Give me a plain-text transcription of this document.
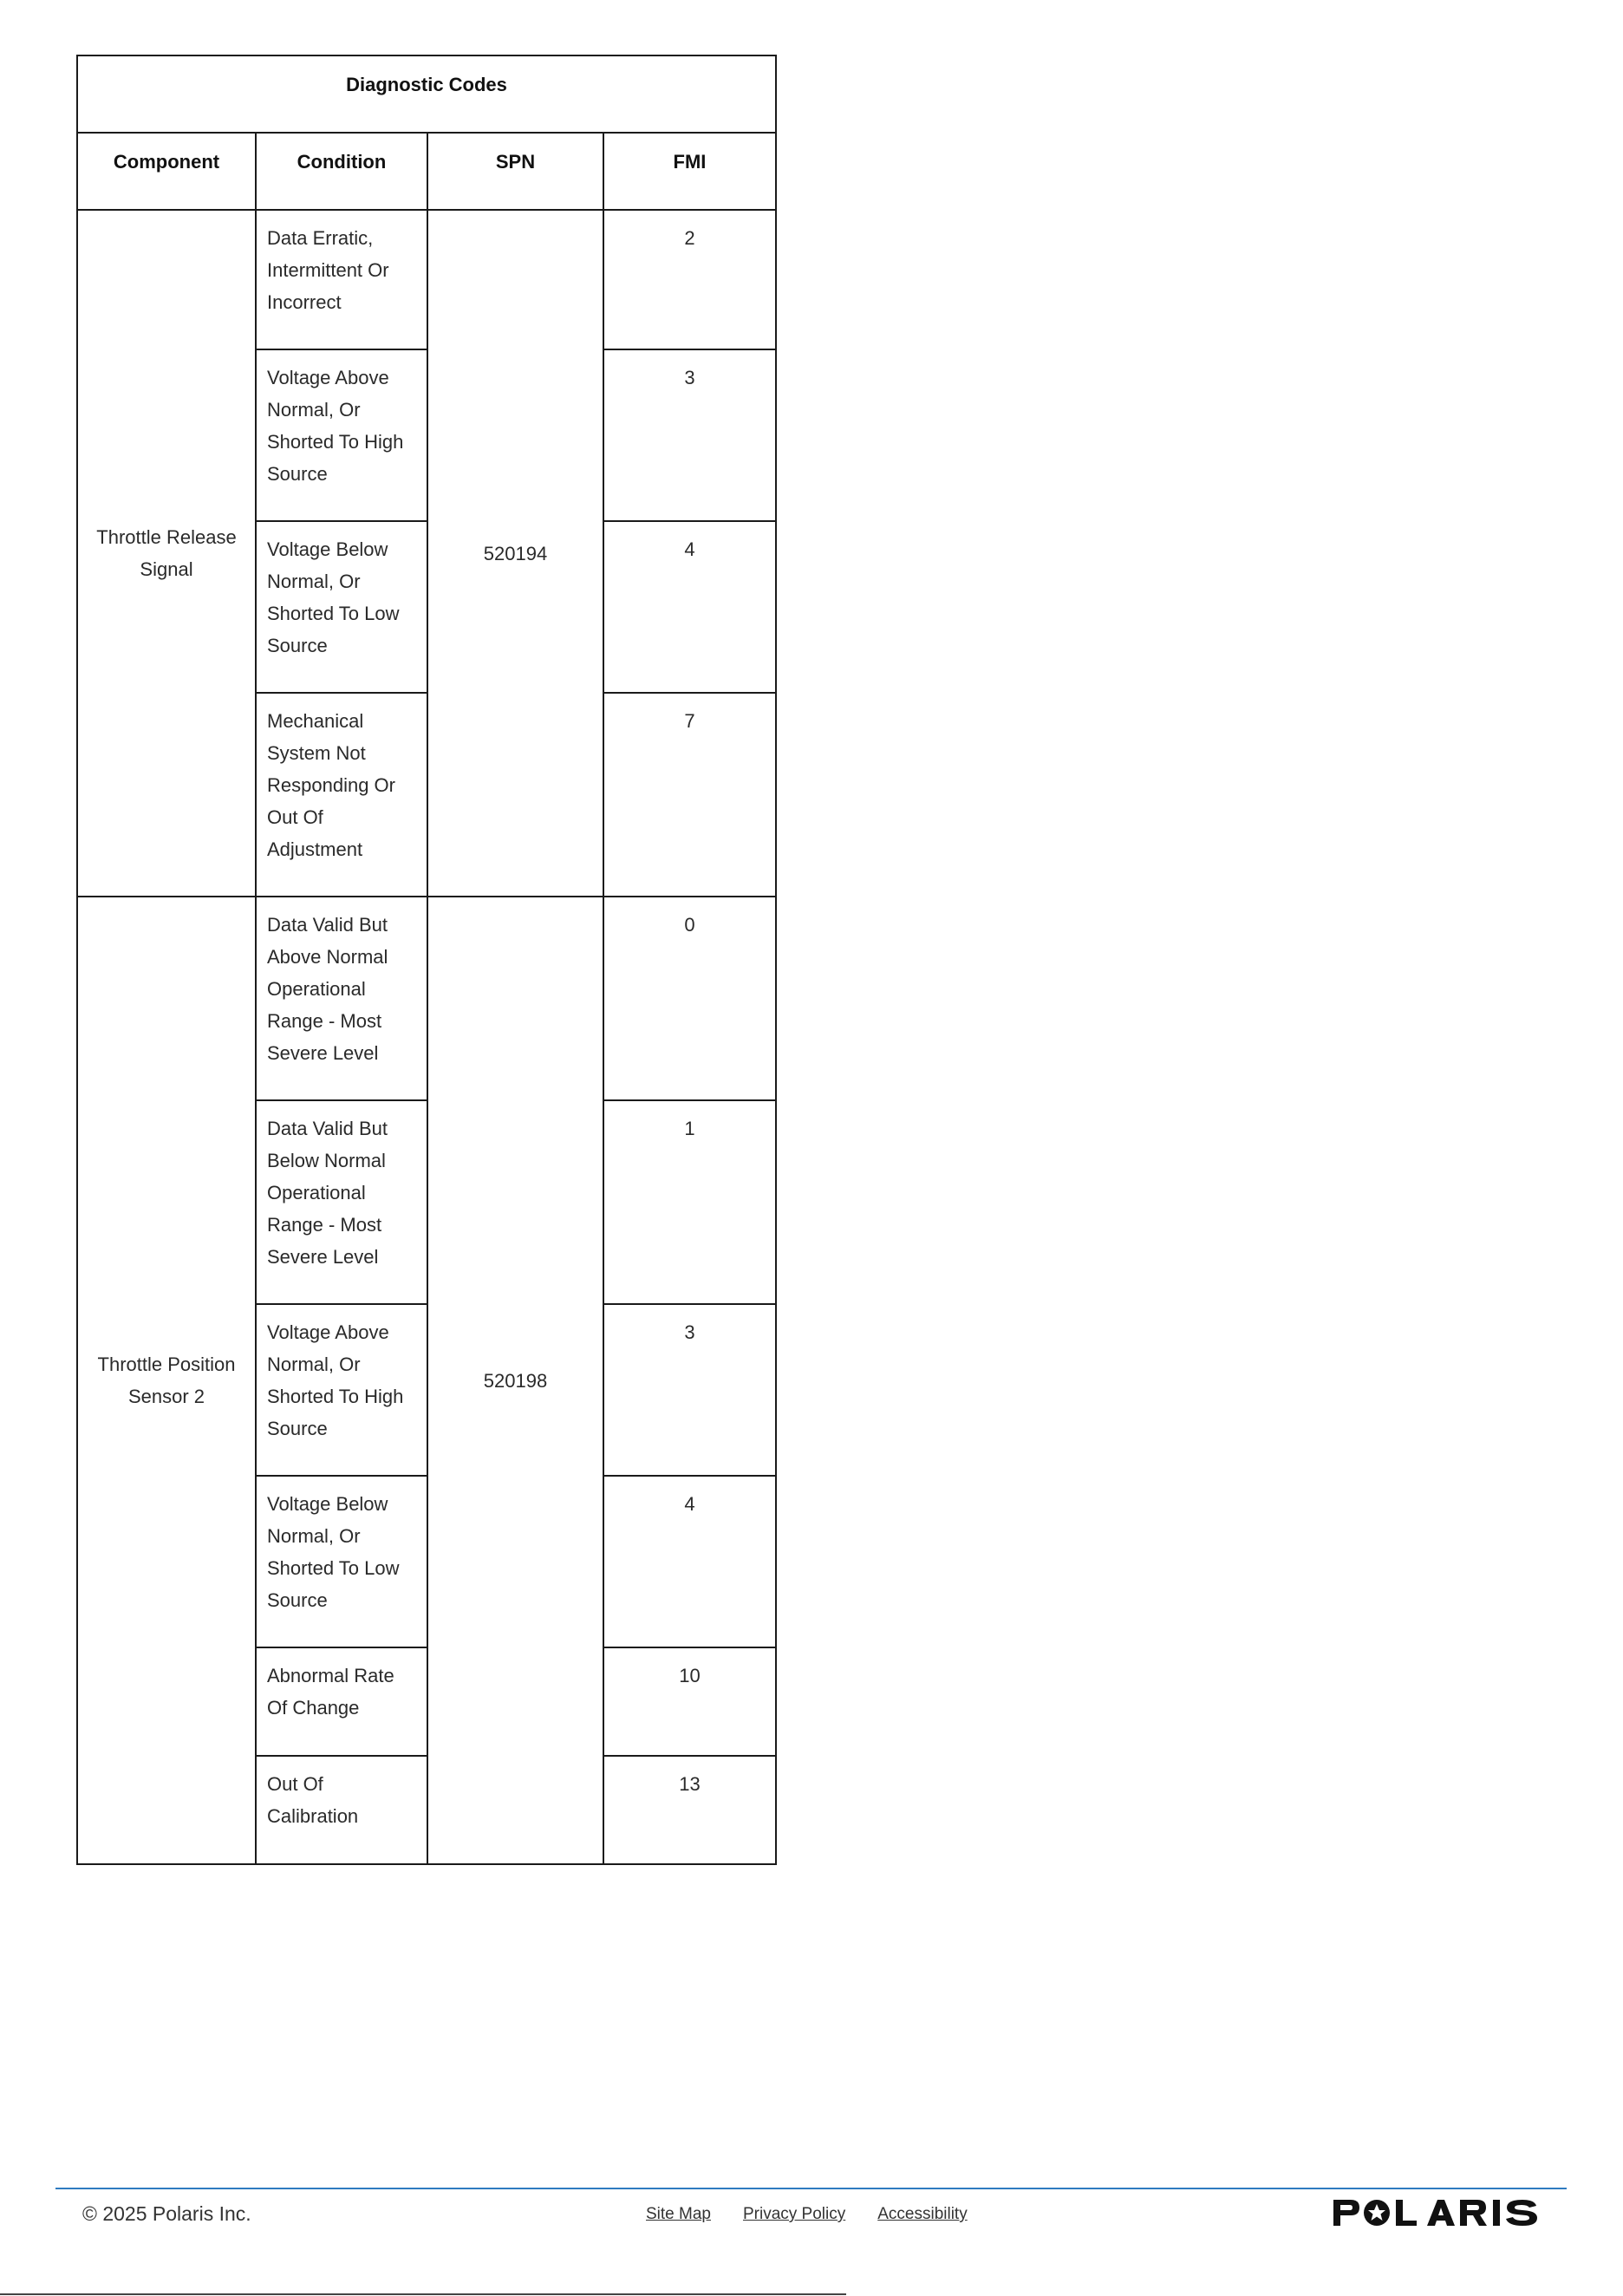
Diagnostic Codes			
Component	Condition	SPN	FMI
Throttle Release Signal	Data Erratic, Intermittent Or Incorrect	520194	2
	Voltage Above Normal, Or Shorted To High Source		3
	Voltage Below Normal, Or Shorted To Low Source		4
	Mechanical System Not Responding Or Out Of Adjustment		7
Throttle Position Sensor 2	Data Valid But Above Normal Operational Range - Most Severe Level	520198	0
	Data Valid But Below Normal Operational Range - Most Severe Level		1
	Voltage Above Normal, Or Shorted To High Source		3
	Voltage Below Normal, Or Shorted To Low Source		4
	Abnormal Rate Of Change		10
	Out Of Calibration		13
© 2025 Polaris Inc.	Site Map Privacy Policy Accessibility
